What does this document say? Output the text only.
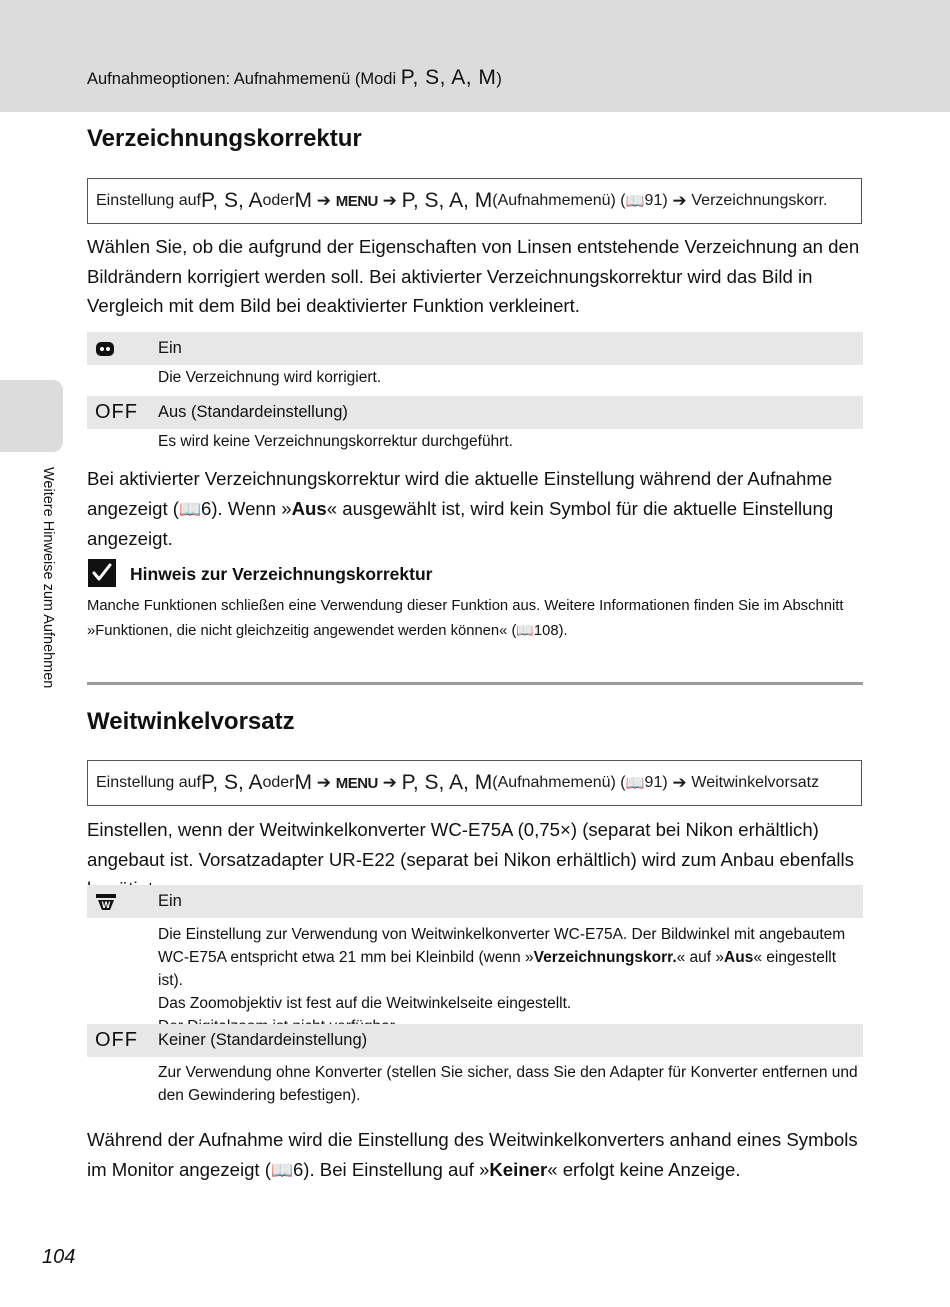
Aufnahmeoptionen: Aufnahmemenü (Modi P, S, A, M)
Weitere Hinweise zum Aufnehmen
Verzeichnungskorrektur
Einstellung auf P, S, A oder M ➔ MENU ➔ P, S, A, M (Aufnahmemenü) ( 📖 91 ) ➔ Verzeichnungskorr.
Wählen Sie, ob die aufgrund der Eigenschaften von Linsen entstehende Verzeichnung an den Bildrändern korrigiert werden soll. Bei aktivierter Verzeichnungskorrektur wird das Bild in Vergleich mit dem Bild bei deaktivierter Funktion verkleinert.
Ein
Die Verzeichnung wird korrigiert.
OFF Aus (Standardeinstellung)
Es wird keine Verzeichnungskorrektur durchgeführt.
Bei aktivierter Verzeichnungskorrektur wird die aktuelle Einstellung während der Aufnahme angezeigt (📖6). Wenn »Aus« ausgewählt ist, wird kein Symbol für die aktuelle Einstellung angezeigt.
Hinweis zur Verzeichnungskorrektur
Manche Funktionen schließen eine Verwendung dieser Funktion aus. Weitere Informationen finden Sie im Abschnitt »Funktionen, die nicht gleichzeitig angewendet werden können« (📖108).
Weitwinkelvorsatz
Einstellung auf P, S, A oder M ➔ MENU ➔ P, S, A, M (Aufnahmemenü) ( 📖 91 ) ➔ Weitwinkelvorsatz
Einstellen, wenn der Weitwinkelkonverter WC-E75A (0,75×) (separat bei Nikon erhältlich) angebaut ist. Vorsatzadapter UR-E22 (separat bei Nikon erhältlich) wird zum Anbau ebenfalls
W	Ein
Die Einstellung zur Verwendung von Weitwinkelkonverter WC-E75A. Der Bildwinkel mit angebautem WC-E75A entspricht etwa 21 mm bei Kleinbild (wenn »Verzeichnungskorr.« auf »Aus« eingestellt ist).
Das Zoomobjektiv ist fest auf die Weitwinkelseite eingestellt.

OFF Keiner (Standardeinstellung)
Zur Verwendung ohne Konverter (stellen Sie sicher, dass Sie den Adapter für Konverter entfernen und den Gewindering befestigen).
Während der Aufnahme wird die Einstellung des Weitwinkelkonverters anhand eines Symbols im Monitor angezeigt (📖6). Bei Einstellung auf »Keiner« erfolgt keine Anzeige.
104
